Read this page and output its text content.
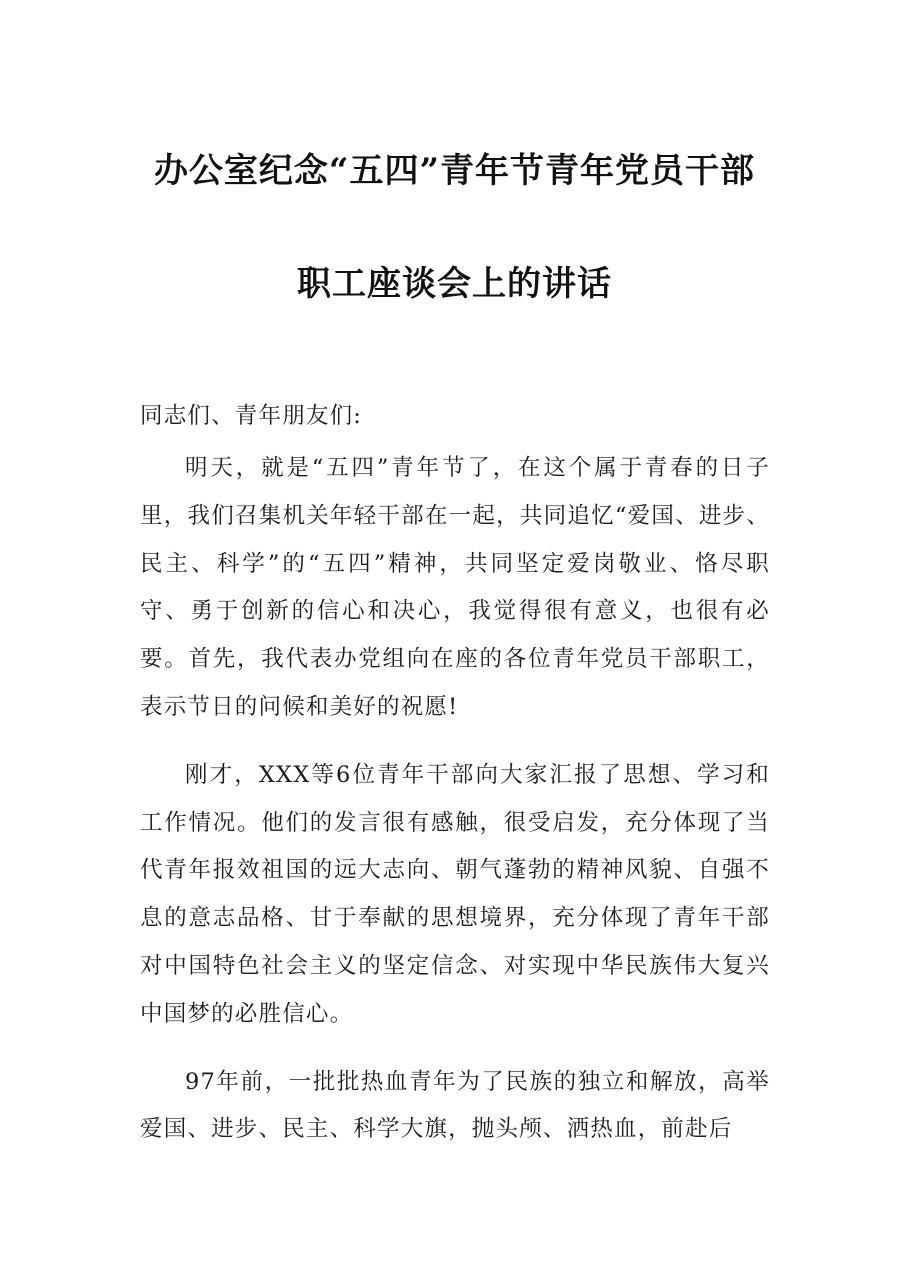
办公室纪念“五四”青年节青年党员干部
职工座谈会上的讲话
同志们、青年朋友们:

明天，就是“五四”青年节了，在这个属于青春的日子里，我们召集机关年轻干部在一起，共同追忆“爱国、进步、民主、科学”的“五四”精神，共同坚定爱岗敬业、恪尽职守、勇于创新的信心和决心，我觉得很有意义，也很有必要。首先，我代表办党组向在座的各位青年党员干部职工，表示节日的问候和美好的祝愿!

刚才，XXX等6位青年干部向大家汇报了思想、学习和工作情况。他们的发言很有感触，很受启发，充分体现了当代青年报效祖国的远大志向、朝气蓬勃的精神风貌、自强不息的意志品格、甘于奉献的思想境界，充分体现了青年干部对中国特色社会主义的坚定信念、对实现中华民族伟大复兴中国梦的必胜信心。

97年前，一批批热血青年为了民族的独立和解放，高举爱国、进步、民主、科学大旗，抛头颅、洒热血，前赴后
